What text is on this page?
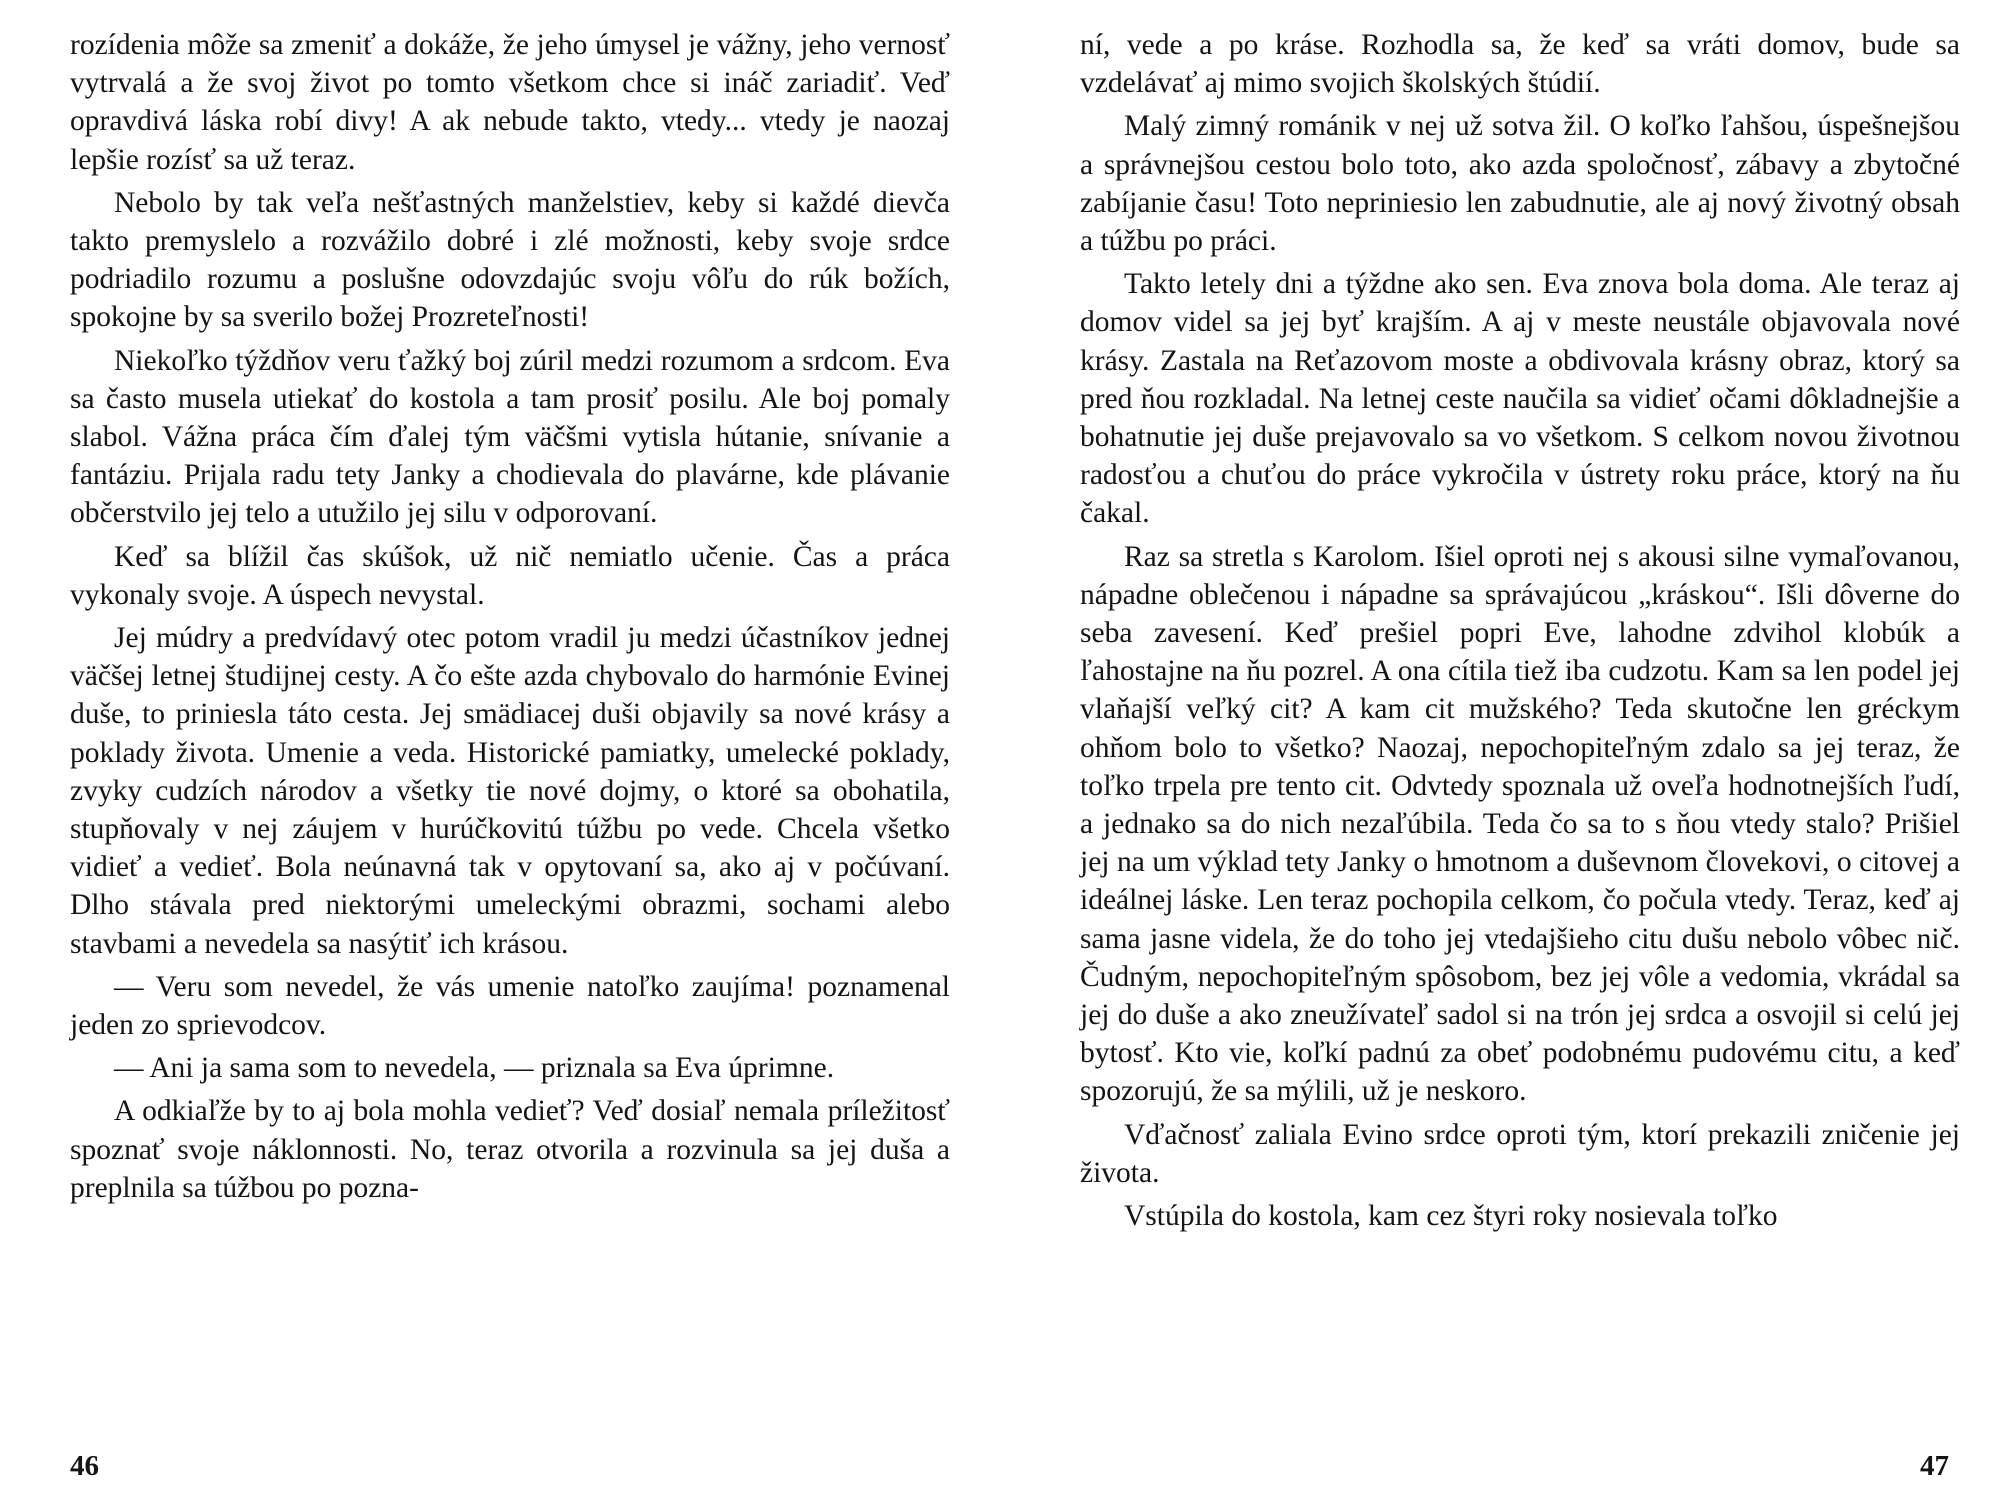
rozídenia môže sa zmeniť a dokáže, že jeho úmysel je vážny, jeho vernosť vytrvalá a že svoj život po tomto všetkom chce si ináč zariadiť. Veď opravdivá láska robí divy! A ak nebude takto, vtedy... vtedy je naozaj lepšie rozísť sa už teraz.

Nebolo by tak veľa nešťastných manželstiev, keby si každé dievča takto premyslelo a rozvážilo dobré i zlé možnosti, keby svoje srdce podriadilo rozumu a poslušne odovzdajúc svoju vôľu do rúk božích, spokojne by sa sverilo božej Prozreteľnosti!

Niekoľko týždňov veru ťažký boj zúril medzi rozumom a srdcom. Eva sa často musela utiekať do kostola a tam prosiť posilu. Ale boj pomaly slabol. Vážna práca čím ďalej tým väčšmi vytisla hútanie, snívanie a fantáziu. Prijala radu tety Janky a chodievala do plavárne, kde plávanie občerstvilo jej telo a utužilo jej silu v odporovaní.

Keď sa blížil čas skúšok, už nič nemiatlo učenie. Čas a práca vykonaly svoje. A úspech nevystal.

Jej múdry a predvídavý otec potom vradil ju medzi účastníkov jednej väčšej letnej študijnej cesty. A čo ešte azda chybovalo do harmónie Evinej duše, to priniesla táto cesta. Jej smädiacej duši objavily sa nové krásy a poklady života. Umenie a veda. Historické pamiatky, umelecké poklady, zvyky cudzích národov a všetky tie nové dojmy, o ktoré sa obohatila, stupňovaly v nej záujem v hurúčkovitú túžbu po vede. Chcela všetko vidieť a vedieť. Bola neúnavná tak v opytovaní sa, ako aj v počúvaní. Dlho stávala pred niektorými umeleckými obrazmi, sochami alebo stavbami a nevedela sa nasýtiť ich krásou.

— Veru som nevedel, že vás umenie natoľko zaujíma! poznamenal jeden zo sprievodcov.

— Ani ja sama som to nevedela, — priznala sa Eva úprimne.

A odkiaľže by to aj bola mohla vedieť? Veď dosiaľ nemala príležitosť spoznať svoje náklonnosti. No, teraz otvorila a rozvinula sa jej duša a preplnila sa túžbou po pozna-

46

ní, vede a po kráse. Rozhodla sa, že keď sa vráti domov, bude sa vzdelávať aj mimo svojich školských štúdií.

Malý zimný románik v nej už sotva žil. O koľko ľahšou, úspešnejšou a správnejšou cestou bolo toto, ako azda spoločnosť, zábavy a zbytočné zabíjanie času! Toto nepriniesio len zabudnutie, ale aj nový životný obsah a túžbu po práci.

Takto letely dni a týždne ako sen. Eva znova bola doma. Ale teraz aj domov videl sa jej byť krajším. A aj v meste neustále objavovala nové krásy. Zastala na Reťazovom moste a obdivovala krásny obraz, ktorý sa pred ňou rozkladal. Na letnej ceste naučila sa vidieť očami dôkladnejšie a bohatnutie jej duše prejavovalo sa vo všetkom. S celkom novou životnou radosťou a chuťou do práce vykročila v ústrety roku práce, ktorý na ňu čakal.

Raz sa stretla s Karolom. Išiel oproti nej s akousi silne vymaľovanou, nápadne oblečenou i nápadne sa správajúcou „kráskou“. Išli dôverne do seba zavesení. Keď prešiel popri Eve, lahodne zdvihol klobúk a ľahostajne na ňu pozrel. A ona cítila tiež iba cudzotu. Kam sa len podel jej vlaňajší veľký cit? A kam cit mužského? Teda skutočne len gréckym ohňom bolo to všetko? Naozaj, nepochopiteľným zdalo sa jej teraz, že toľko trpela pre tento cit. Odvtedy spoznala už oveľa hodnotnejších ľudí, a jednako sa do nich nezaľúbila. Teda čo sa to s ňou vtedy stalo? Prišiel jej na um výklad tety Janky o hmotnom a duševnom človekovi, o citovej a ideálnej láske. Len teraz pochopila celkom, čo počula vtedy. Teraz, keď aj sama jasne videla, že do toho jej vtedajšieho citu dušu nebolo vôbec nič. Čudným, nepochopiteľným spôsobom, bez jej vôle a vedomia, vkrádal sa jej do duše a ako zneužívateľ sadol si na trón jej srdca a osvojil si celú jej bytosť. Kto vie, koľkí padnú za obeť podobnému pudovému citu, a keď spozorujú, že sa mýlili, už je neskoro.

Vďačnosť zaliala Evino srdce oproti tým, ktorí prekazili zničenie jej života.

Vstúpila do kostola, kam cez štyri roky nosievala toľko

47
